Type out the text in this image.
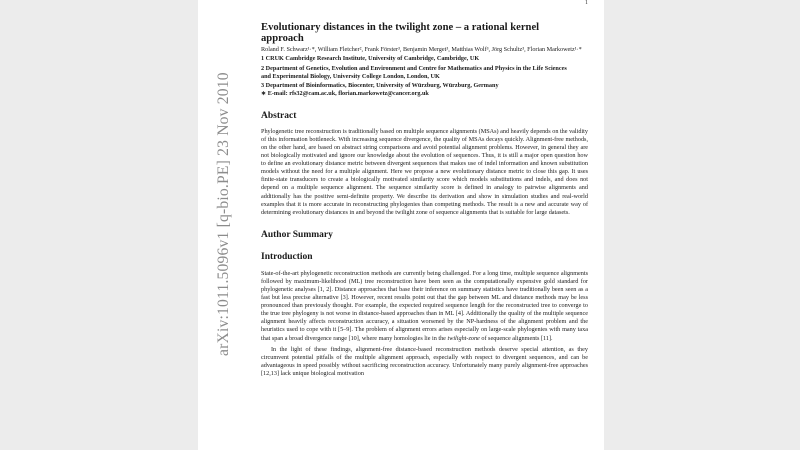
arXiv:1011.5096v1 [q-bio.PE] 23 Nov 2010
1
Evolutionary distances in the twilight zone – a rational kernel approach
Roland F. Schwarz¹·*, William Fletcher², Frank Förster³, Benjamin Merget³, Matthias Wolf³, Jörg Schultz³, Florian Markowetz¹·*
1 CRUK Cambridge Research Institute, University of Cambridge, Cambridge, UK
2 Department of Genetics, Evolution and Environment and Centre for Mathematics and Physics in the Life Sciences and Experimental Biology, University College London, London, UK
3 Department of Bioinformatics, Biocenter, University of Würzburg, Würzburg, Germany
∗ E-mail: rfs32@cam.ac.uk, florian.markowetz@cancer.org.uk
Abstract

Phylogenetic tree reconstruction is traditionally based on multiple sequence alignments (MSAs) and heavily depends on the validity of this information bottleneck. With increasing sequence divergence, the quality of MSAs decays quickly. Alignment-free methods, on the other hand, are based on abstract string comparisons and avoid potential alignment problems. However, in general they are not biologically motivated and ignore our knowledge about the evolution of sequences. Thus, it is still a major open question how to define an evolutionary distance metric between divergent sequences that makes use of indel information and known substitution models without the need for a multiple alignment. Here we propose a new evolutionary distance metric to close this gap. It uses finite-state transducers to create a biologically motivated similarity score which models substitutions and indels, and does not depend on a multiple sequence alignment. The sequence similarity score is defined in analogy to pairwise alignments and additionally has the positive semi-definite property. We describe its derivation and show in simulation studies and real-world examples that it is more accurate in reconstructing phylogenies than competing methods. The result is a new and accurate way of determining evolutionary distances in and beyond the twilight zone of sequence alignments that is suitable for large datasets.

Author Summary
Introduction

State-of-the-art phylogenetic reconstruction methods are currently being challenged. For a long time, multiple sequence alignments followed by maximum-likelihood (ML) tree reconstruction have been seen as the computationally expensive gold standard for phylogenetic analyses [1, 2]. Distance approaches that base their inference on summary statistics have traditionally been seen as a fast but less precise alternative [3]. However, recent results point out that the gap between ML and distance methods may be less pronounced than previously thought. For example, the expected required sequence length for the reconstructed tree to converge to the true tree phylogeny is not worse in distance-based approaches than in ML [4]. Additionally the quality of the multiple sequence alignment heavily affects reconstruction accuracy, a situation worsened by the NP-hardness of the alignment problem and the heuristics used to cope with it [5–9]. The problem of alignment errors arises especially on large-scale phylogenies with many taxa that span a broad divergence range [10], where many homologies lie in the twilight-zone of sequence alignments [11].

In the light of these findings, alignment-free distance-based reconstruction methods deserve special attention, as they circumvent potential pitfalls of the multiple alignment approach, especially with respect to divergent sequences, and can be advantageous in speed possibly without sacrificing reconstruction accuracy. Unfortunately many purely alignment-free approaches [12,13] lack unique biological motivation
